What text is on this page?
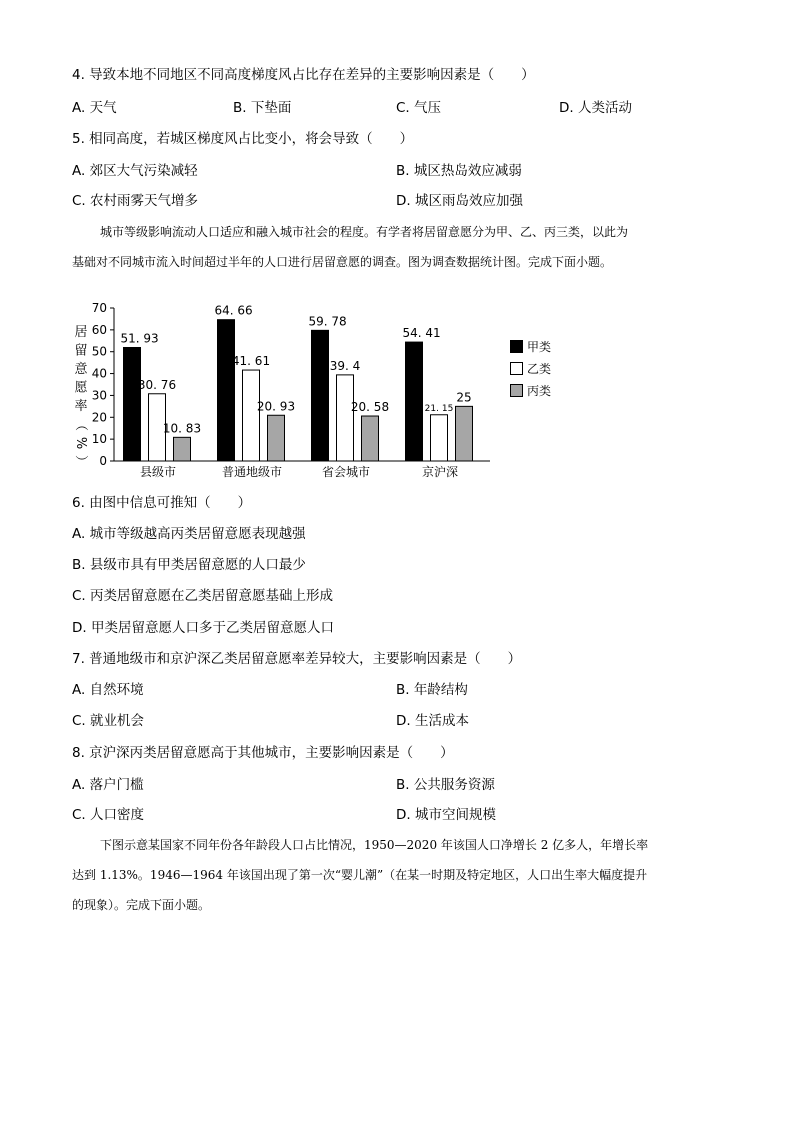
4. 导致本地不同地区不同高度梯度风占比存在差异的主要影响因素是（　　）
A. 天气	B. 下垫面	C. 气压	D. 人类活动
5. 相同高度，若城区梯度风占比变小，将会导致（　　）
A. 郊区大气污染减轻	B. 城区热岛效应减弱
C. 农村雨雾天气增多	D. 城区雨岛效应加强
城市等级影响流动人口适应和融入城市社会的程度。有学者将居留意愿分为甲、乙、丙三类，以此为
基础对不同城市流入时间超过半年的人口进行居留意愿的调查。图为调查数据统计图。完成下面小题。
0
10
20
30
40
50
60
70
居
留
意
愿
率
（
%
）
51. 93
30. 76
10. 83
县级市
64. 66
41. 61
20. 93
普通地级市
59. 78
39. 4
20. 58
省会城市
54. 41
21. 15
25
京沪深
甲类
乙类
丙类
6. 由图中信息可推知（　　）
A. 城市等级越高丙类居留意愿表现越强
B. 县级市具有甲类居留意愿的人口最少
C. 丙类居留意愿在乙类居留意愿基础上形成
D. 甲类居留意愿人口多于乙类居留意愿人口
7. 普通地级市和京沪深乙类居留意愿率差异较大，主要影响因素是（　　）
A. 自然环境	B. 年龄结构
C. 就业机会	D. 生活成本
8. 京沪深丙类居留意愿高于其他城市，主要影响因素是（　　）
A. 落户门槛	B. 公共服务资源
C. 人口密度	D. 城市空间规模
下图示意某国家不同年份各年龄段人口占比情况，1950—2020 年该国人口净增长 2 亿多人，年增长率
达到 1.13%。1946—1964 年该国出现了第一次“婴儿潮”（在某一时期及特定地区，人口出生率大幅度提升
的现象）。完成下面小题。
